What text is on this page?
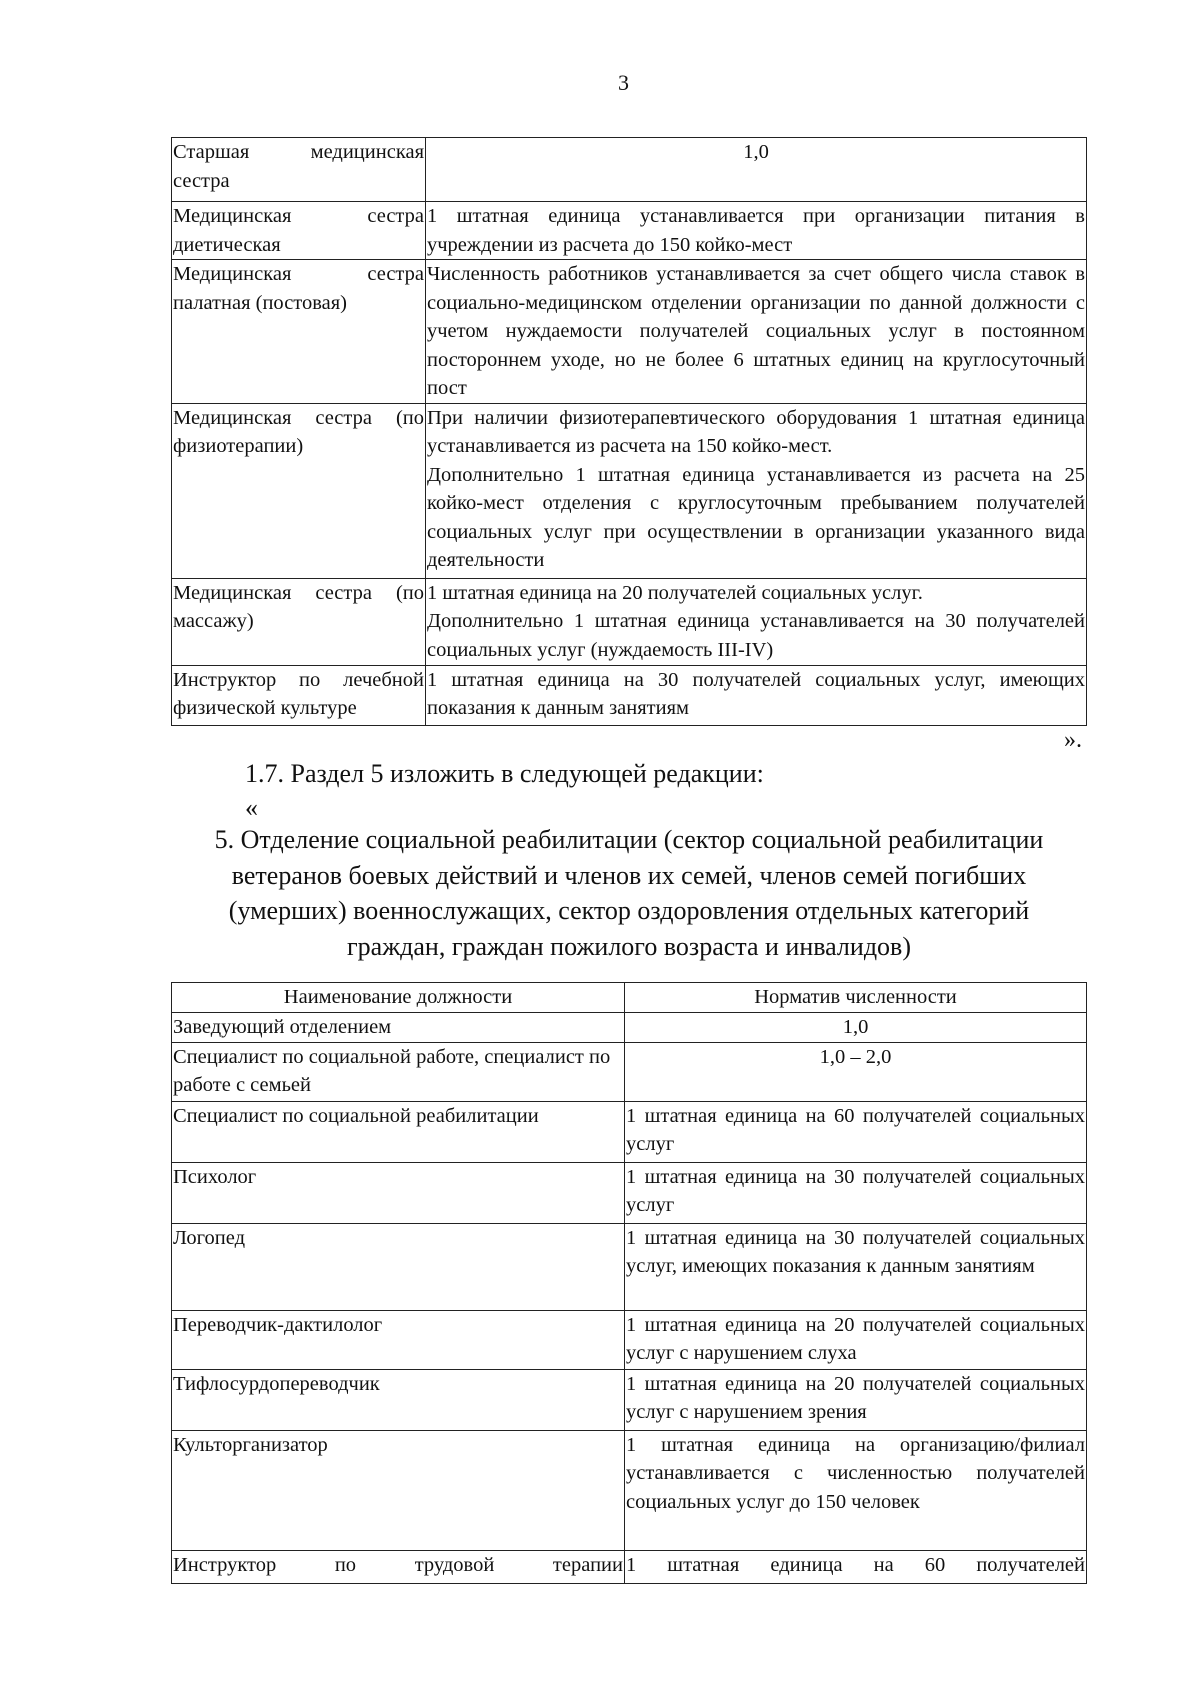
3
Старшая медицинская сестра	1,0
Медицинская сестра диетическая	1 штатная единица устанавливается при организации питания в учреждении из расчета до 150 койко-мест
Медицинская сестра палатная (постовая)	Численность работников устанавливается за счет общего числа ставок в социально-медицинском отделении организации по данной должности с учетом нуждаемости получателей социальных услуг в постоянном постороннем уходе, но не более 6 штатных единиц на круглосуточный пост
Медицинская сестра (по физиотерапии)	При наличии физиотерапевтического оборудования 1 штатная единица устанавливается из расчета на 150 койко-мест.
Дополнительно 1 штатная единица устанавливается из расчета на 25 койко-мест отделения с круглосуточным пребыванием получателей социальных услуг при осуществлении в организации указанного вида деятельности

Медицинская сестра (по массажу)	1 штатная единица на 20 получателей социальных услуг.
Дополнительно 1 штатная единица устанавливается на 30 получателей социальных услуг (нуждаемость III-IV)

Инструктор по лечебной физической культуре	1 штатная единица на 30 получателей социальных услуг, имеющих показания к данным занятиям
».
1.7. Раздел 5 изложить в следующей редакции:
«
5. Отделение социальной реабилитации (сектор социальной реабилитации
ветеранов боевых действий и членов их семей, членов семей погибших
(умерших) военнослужащих, сектор оздоровления отдельных категорий
граждан, граждан пожилого возраста и инвалидов)
Наименование должности	Норматив численности
Заведующий отделением	1,0
Специалист по социальной работе, специалист по работе с семьей	1,0 – 2,0
Специалист по социальной реабилитации	1 штатная единица на 60 получателей социальных услуг
Психолог	1 штатная единица на 30 получателей социальных услуг
Логопед	1 штатная единица на 30 получателей социальных услуг, имеющих показания к данным занятиям
Переводчик-дактилолог	1 штатная единица на 20 получателей социальных услуг с нарушением слуха
Тифлосурдопереводчик	1 штатная единица на 20 получателей социальных услуг с нарушением зрения
Культорганизатор	1 штатная единица на организацию/филиал устанавливается с численностью получателей социальных услуг до 150 человек
Инструктор по трудовой терапии	1 штатная единица на 60 получателей
